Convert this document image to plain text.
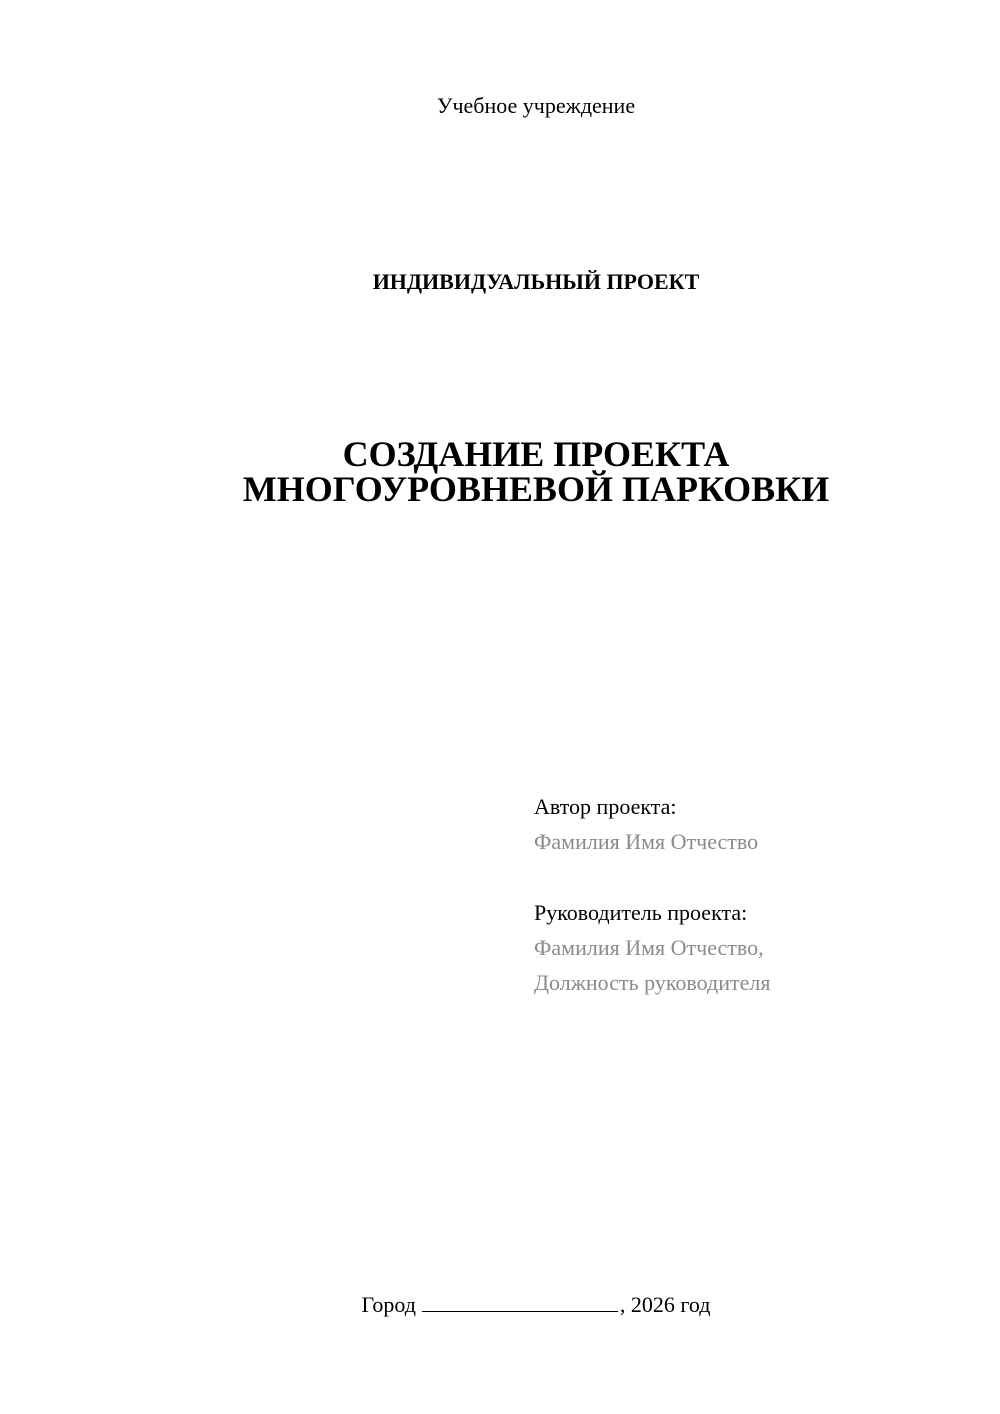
Учебное учреждение
ИНДИВИДУАЛЬНЫЙ ПРОЕКТ
СОЗДАНИЕ ПРОЕКТА
МНОГОУРОВНЕВОЙ ПАРКОВКИ
Автор проекта:
Фамилия Имя Отчество
Руководитель проекта:
Фамилия Имя Отчество,
Должность руководителя
Город	, 2026 год
